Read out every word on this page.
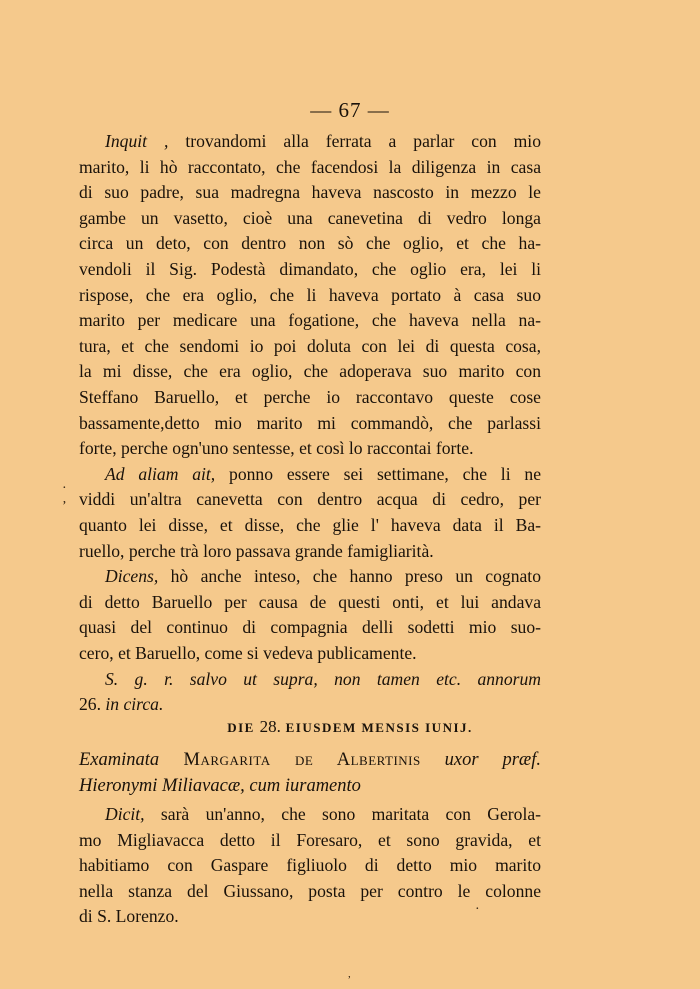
— 67 —
Inquit , trovandomi alla ferrata a parlar con mio
marito, li hò raccontato, che facendosi la diligenza in casa
di suo padre, sua madregna haveva nascosto in mezzo le
gambe un vasetto, cioè una canevetina di vedro longa
circa un deto, con dentro non sò che oglio, et che ha-
vendoli il Sig. Podestà dimandato, che oglio era, lei li
rispose, che era oglio, che li haveva portato à casa suo
marito per medicare una fogatione, che haveva nella na-
tura, et che sendomi io poi doluta con lei di questa cosa,
la mi disse, che era oglio, che adoperava suo marito con
Steffano Baruello, et perche io raccontavo queste cose
bassamente,detto mio marito mi commandò, che parlassi
forte, perche ogn'uno sentesse, et così lo raccontai forte.
Ad aliam ait, ponno essere sei settimane, che li ne
viddi un'altra canevetta con dentro acqua di cedro, per
quanto lei disse, et disse, che glie l' haveva data il Ba-
ruello, perche trà loro passava grande famigliarità.
Dicens, hò anche inteso, che hanno preso un cognato
di detto Baruello per causa de questi onti, et lui andava
quasi del continuo di compagnia delli sodetti mio suo-
cero, et Baruello, come si vedeva publicamente.
S. g. r. salvo ut supra, non tamen etc. annorum
26. in circa.
DIE 28. EIUSDEM MENSIS IUNIJ.
Examinata Margarita de Albertinis uxor præf.
Hieronymi Miliavacæ, cum iuramento
Dicit, sarà un'anno, che sono maritata con Gerola-
mo Migliavacca detto il Foresaro, et sono gravida, et
habitiamo con Gaspare figliuolo di detto mio marito
nella stanza del Giussano, posta per contro le colonne
di S. Lorenzo.
·
ʼ
·
,
